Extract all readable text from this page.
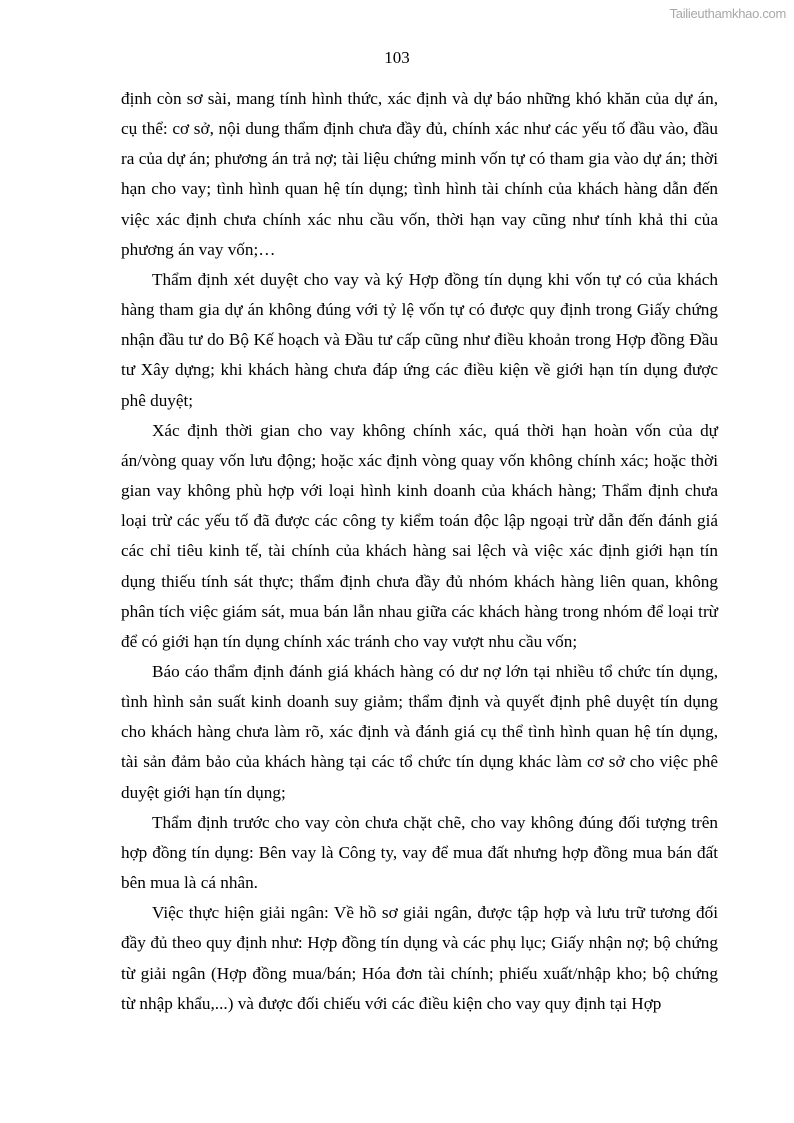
Tailieuthamkhao.com
103

định còn sơ sài, mang tính hình thức, xác định và dự báo những khó khăn của dự án, cụ thể: cơ sở, nội dung thẩm định chưa đầy đủ, chính xác như các yếu tố đầu vào, đầu ra của dự án; phương án trả nợ; tài liệu chứng minh vốn tự có tham gia vào dự án; thời hạn cho vay; tình hình quan hệ tín dụng; tình hình tài chính của khách hàng dẫn đến việc xác định chưa chính xác nhu cầu vốn, thời hạn vay cũng như tính khả thi của phương án vay vốn;…

Thẩm định xét duyệt cho vay và ký Hợp đồng tín dụng khi vốn tự có của khách hàng tham gia dự án không đúng với tỷ lệ vốn tự có được quy định trong Giấy chứng nhận đầu tư do Bộ Kế hoạch và Đầu tư cấp cũng như điều khoản trong Hợp đồng Đầu tư Xây dựng; khi khách hàng chưa đáp ứng các điều kiện về giới hạn tín dụng được phê duyệt;

Xác định thời gian cho vay không chính xác, quá thời hạn hoàn vốn của dự án/vòng quay vốn lưu động; hoặc xác định vòng quay vốn không chính xác; hoặc thời gian vay không phù hợp với loại hình kinh doanh của khách hàng; Thẩm định chưa loại trừ các yếu tố đã được các công ty kiểm toán độc lập ngoại trừ dẫn đến đánh giá các chỉ tiêu kinh tế, tài chính của khách hàng sai lệch và việc xác định giới hạn tín dụng thiếu tính sát thực; thẩm định chưa đầy đủ nhóm khách hàng liên quan, không phân tích việc giám sát, mua bán lẫn nhau giữa các khách hàng trong nhóm để loại trừ để có giới hạn tín dụng chính xác tránh cho vay vượt nhu cầu vốn;

Báo cáo thẩm định đánh giá khách hàng có dư nợ lớn tại nhiều tổ chức tín dụng, tình hình sản suất kinh doanh suy giảm; thẩm định và quyết định phê duyệt tín dụng cho khách hàng chưa làm rõ, xác định và đánh giá cụ thể tình hình quan hệ tín dụng, tài sản đảm bảo của khách hàng tại các tổ chức tín dụng khác làm cơ sở cho việc phê duyệt giới hạn tín dụng;

Thẩm định trước cho vay còn chưa chặt chẽ, cho vay không đúng đối tượng trên hợp đồng tín dụng: Bên vay là Công ty, vay để mua đất nhưng hợp đồng mua bán đất bên mua là cá nhân.

Việc thực hiện giải ngân: Về hồ sơ giải ngân, được tập hợp và lưu trữ tương đối đầy đủ theo quy định như: Hợp đồng tín dụng và các phụ lục; Giấy nhận nợ; bộ chứng từ giải ngân (Hợp đồng mua/bán; Hóa đơn tài chính; phiếu xuất/nhập kho; bộ chứng từ nhập khẩu,...) và được đối chiếu với các điều kiện cho vay quy định tại Hợp
